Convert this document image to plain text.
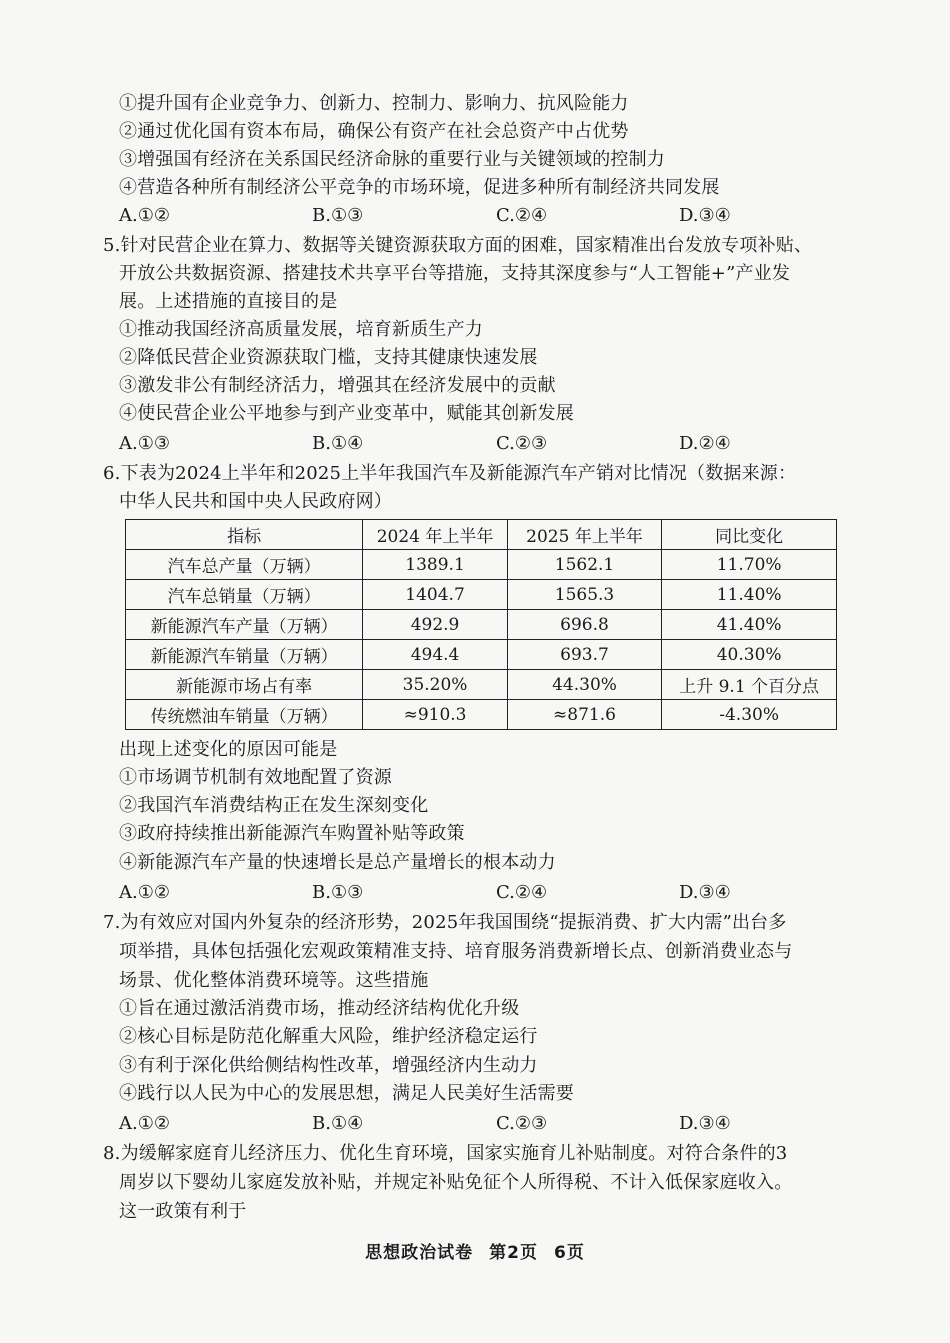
①提升国有企业竞争力、创新力、控制力、影响力、抗风险能力
②通过优化国有资本布局，确保公有资产在社会总资产中占优势
③增强国有经济在关系国民经济命脉的重要行业与关键领域的控制力
④营造各种所有制经济公平竞争的市场环境，促进多种所有制经济共同发展
A.①②	B.①③	C.②④	D.③④
5.针对民营企业在算力、数据等关键资源获取方面的困难，国家精准出台发放专项补贴、
开放公共数据资源、搭建技术共享平台等措施，支持其深度参与“人工智能+”产业发
展。上述措施的直接目的是
①推动我国经济高质量发展，培育新质生产力
②降低民营企业资源获取门槛，支持其健康快速发展
③激发非公有制经济活力，增强其在经济发展中的贡献
④使民营企业公平地参与到产业变革中，赋能其创新发展
A.①③	B.①④	C.②③	D.②④
6.下表为2024上半年和2025上半年我国汽车及新能源汽车产销对比情况（数据来源：
中华人民共和国中央人民政府网）
指标	2024 年上半年	2025 年上半年	同比变化
汽车总产量（万辆）	1389.1	1562.1	11.70%
汽车总销量（万辆）	1404.7	1565.3	11.40%
新能源汽车产量（万辆）	492.9	696.8	41.40%
新能源汽车销量（万辆）	494.4	693.7	40.30%
新能源市场占有率	35.20%	44.30%	上升 9.1 个百分点
传统燃油车销量（万辆）	≈910.3	≈871.6	-4.30%
出现上述变化的原因可能是
①市场调节机制有效地配置了资源
②我国汽车消费结构正在发生深刻变化
③政府持续推出新能源汽车购置补贴等政策
④新能源汽车产量的快速增长是总产量增长的根本动力
A.①②	B.①③	C.②④	D.③④
7.为有效应对国内外复杂的经济形势，2025年我国围绕“提振消费、扩大内需”出台多
项举措，具体包括强化宏观政策精准支持、培育服务消费新增长点、创新消费业态与
场景、优化整体消费环境等。这些措施
①旨在通过激活消费市场，推动经济结构优化升级
②核心目标是防范化解重大风险，维护经济稳定运行
③有利于深化供给侧结构性改革，增强经济内生动力
④践行以人民为中心的发展思想，满足人民美好生活需要
A.①②	B.①④	C.②③	D.③④
8.为缓解家庭育儿经济压力、优化生育环境，国家实施育儿补贴制度。对符合条件的3
周岁以下婴幼儿家庭发放补贴，并规定补贴免征个人所得税、不计入低保家庭收入。
这一政策有利于
思想政治试卷 第2页 6页
